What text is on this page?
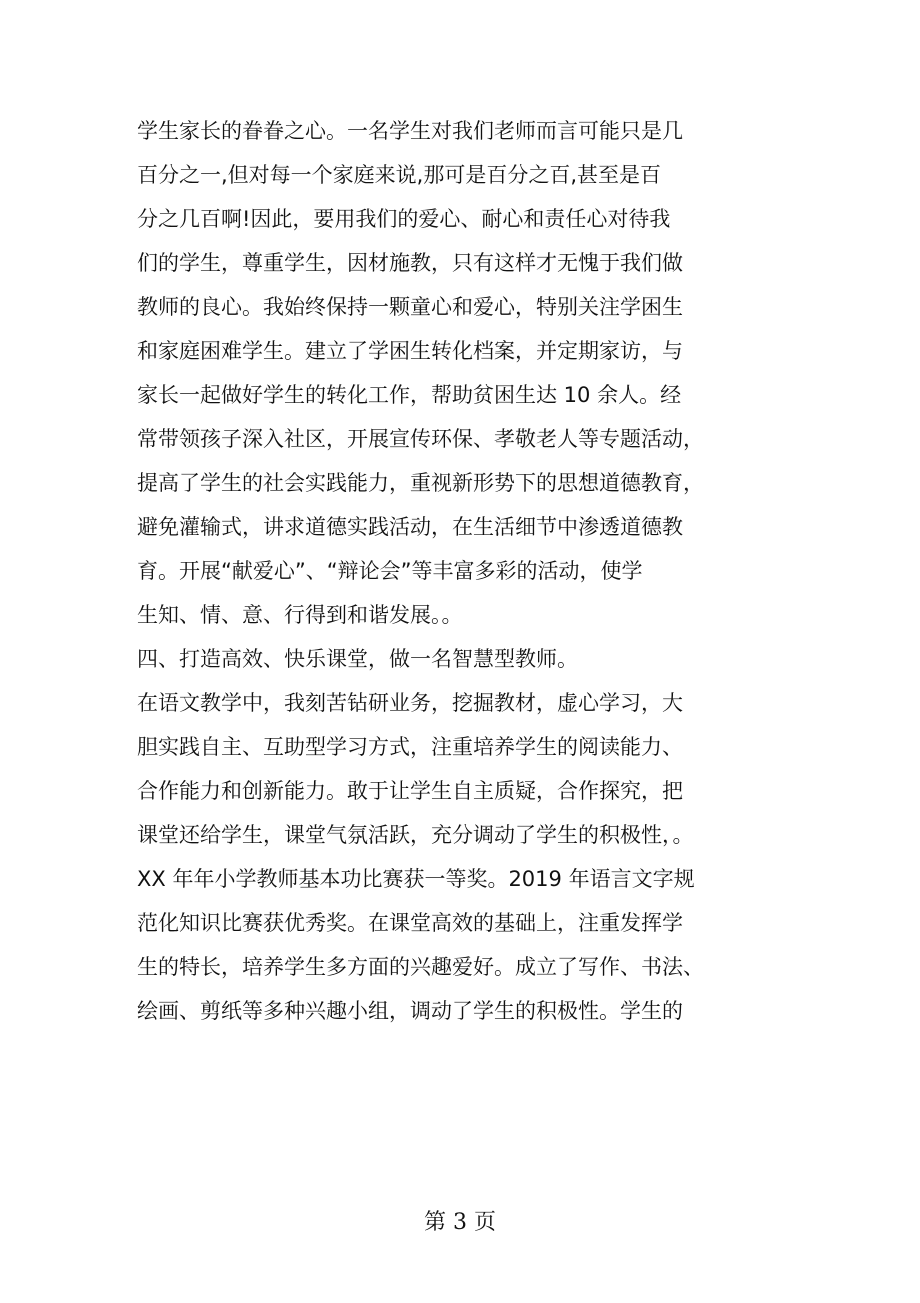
学生家长的眷眷之心。一名学生对我们老师而言可能只是几
百分之一,但对每一个家庭来说,那可是百分之百,甚至是百
分之几百啊!因此，要用我们的爱心、耐心和责任心对待我
们的学生，尊重学生，因材施教，只有这样才无愧于我们做
教师的良心。我始终保持一颗童心和爱心，特别关注学困生
和家庭困难学生。建立了学困生转化档案，并定期家访，与
家长一起做好学生的转化工作，帮助贫困生达 10 余人。经
常带领孩子深入社区，开展宣传环保、孝敬老人等专题活动，
提高了学生的社会实践能力，重视新形势下的思想道德教育，
避免灌输式，讲求道德实践活动，在生活细节中渗透道德教
育。开展“献爱心”、“辩论会”等丰富多彩的活动，使学
生知、情、意、行得到和谐发展。。
四、打造高效、快乐课堂，做一名智慧型教师。
在语文教学中，我刻苦钻研业务，挖掘教材，虚心学习，大
胆实践自主、互助型学习方式，注重培养学生的阅读能力、
合作能力和创新能力。敢于让学生自主质疑，合作探究，把
课堂还给学生，课堂气氛活跃，充分调动了学生的积极性，。
XX 年年小学教师基本功比赛获一等奖。2019 年语言文字规
范化知识比赛获优秀奖。在课堂高效的基础上，注重发挥学
生的特长，培养学生多方面的兴趣爱好。成立了写作、书法、
绘画、剪纸等多种兴趣小组，调动了学生的积极性。学生的
第 3 页
